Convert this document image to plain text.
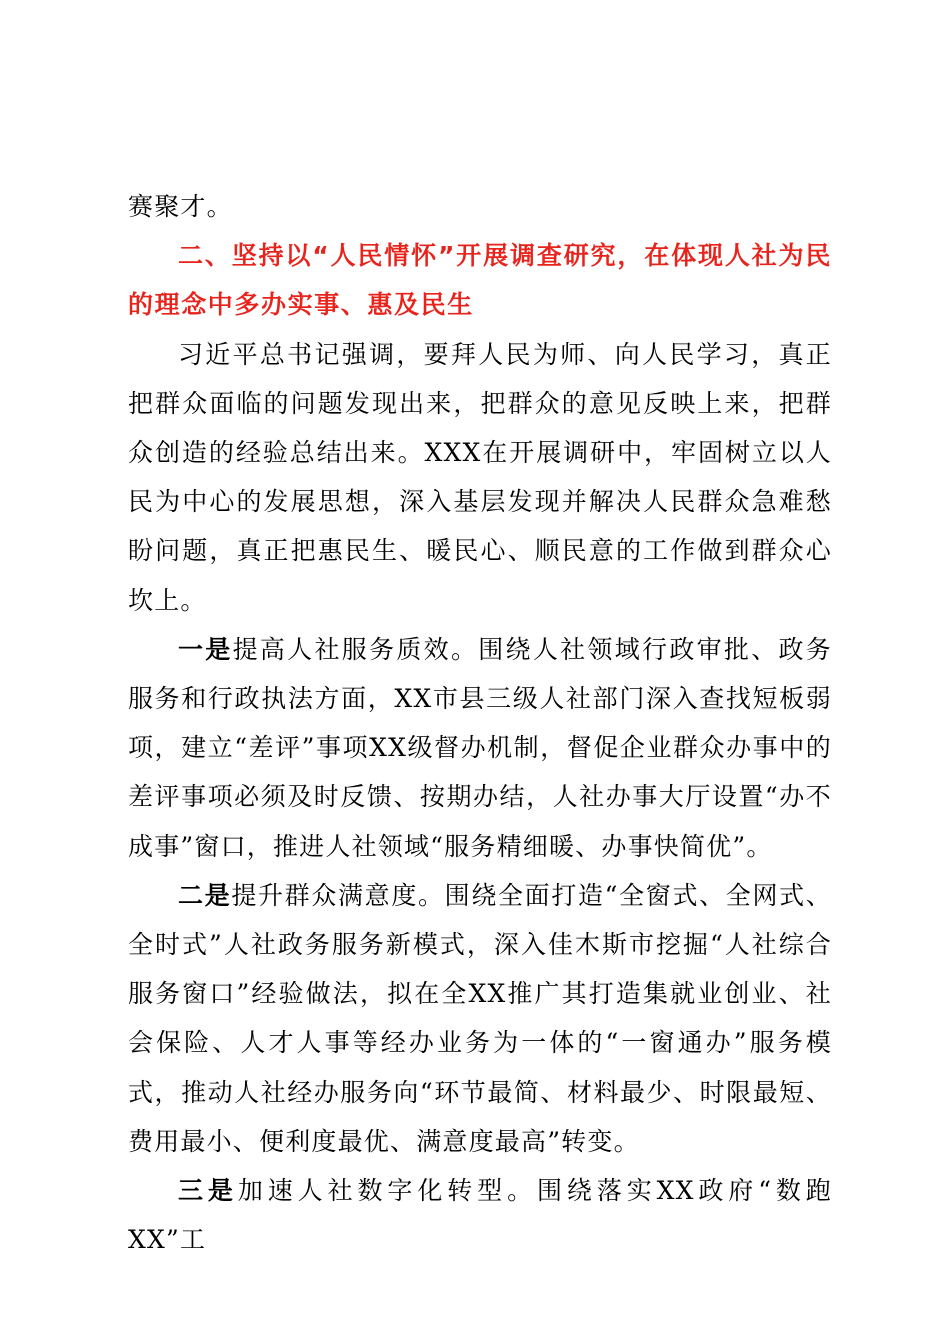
赛聚才。

二、坚持以“人民情怀”开展调查研究，在体现人社为民的理念中多办实事、惠及民生

习近平总书记强调，要拜人民为师、向人民学习，真正把群众面临的问题发现出来，把群众的意见反映上来，把群众创造的经验总结出来。XXX在开展调研中，牢固树立以人民为中心的发展思想，深入基层发现并解决人民群众急难愁盼问题，真正把惠民生、暖民心、顺民意的工作做到群众心坎上。

一是提高人社服务质效。围绕人社领域行政审批、政务服务和行政执法方面，XX市县三级人社部门深入查找短板弱项，建立“差评”事项XX级督办机制，督促企业群众办事中的差评事项必须及时反馈、按期办结，人社办事大厅设置“办不成事”窗口，推进人社领域“服务精细暖、办事快简优”。

二是提升群众满意度。围绕全面打造“全窗式、全网式、全时式”人社政务服务新模式，深入佳木斯市挖掘“人社综合服务窗口”经验做法，拟在全XX推广其打造集就业创业、社会保险、人才人事等经办业务为一体的“一窗通办”服务模式，推动人社经办服务向“环节最简、材料最少、时限最短、费用最小、便利度最优、满意度最高”转变。

三是加速人社数字化转型。围绕落实XX政府“数跑XX”工
